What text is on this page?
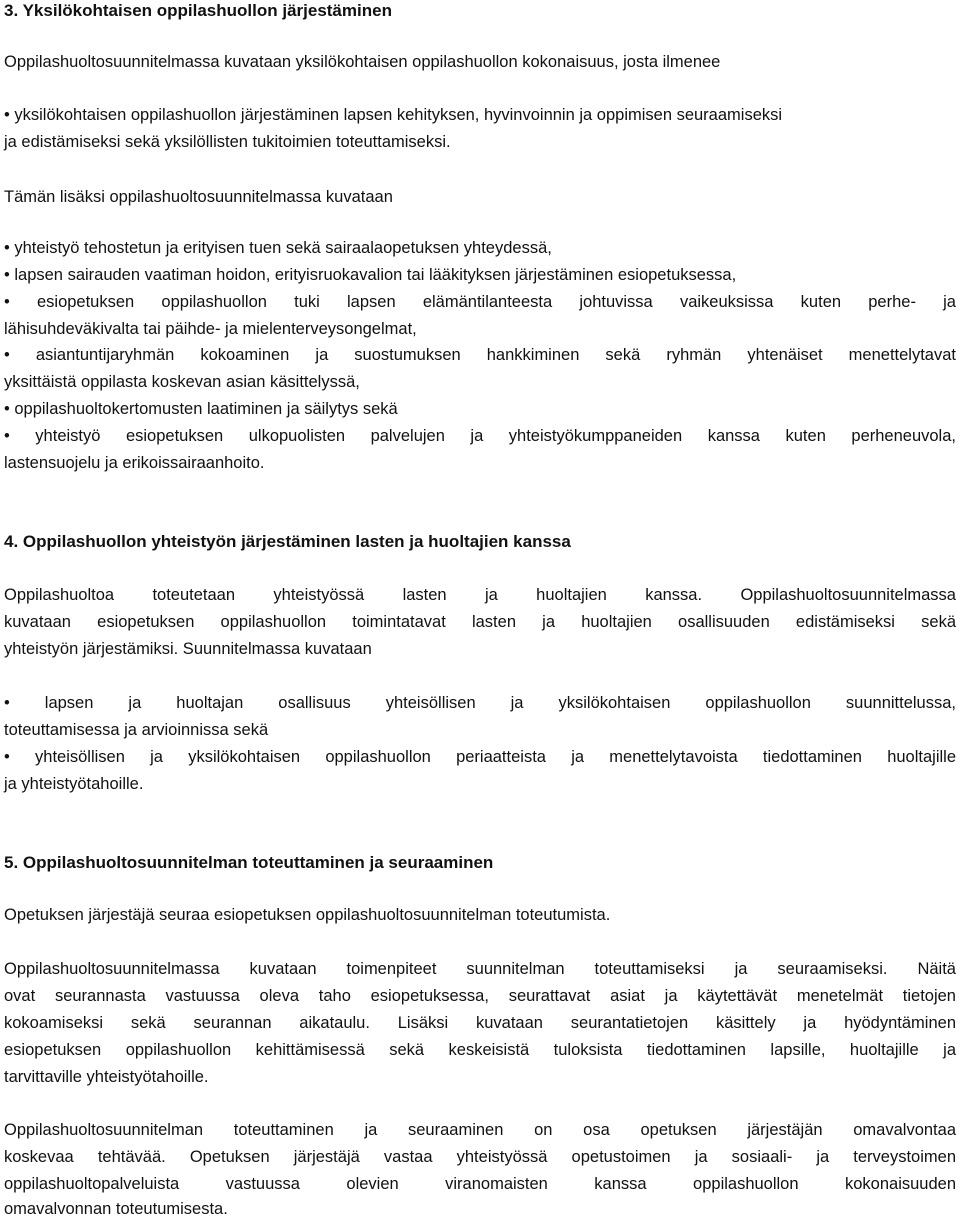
3. Yksilökohtaisen oppilashuollon järjestäminen
Oppilashuoltosuunnitelmassa kuvataan yksilökohtaisen oppilashuollon kokonaisuus, josta ilmenee
• yksilökohtaisen oppilashuollon järjestäminen lapsen kehityksen, hyvinvoinnin ja oppimisen seuraamiseksi
ja edistämiseksi sekä yksilöllisten tukitoimien toteuttamiseksi.
Tämän lisäksi oppilashuoltosuunnitelmassa kuvataan
• yhteistyö tehostetun ja erityisen tuen sekä sairaalaopetuksen yhteydessä,
• lapsen sairauden vaatiman hoidon, erityisruokavalion tai lääkityksen järjestäminen esiopetuksessa,
• esiopetuksen oppilashuollon tuki lapsen elämäntilanteesta johtuvissa vaikeuksissa kuten perhe- ja
lähisuhdeväkivalta tai päihde- ja mielenterveysongelmat,
• asiantuntijaryhmän kokoaminen ja suostumuksen hankkiminen sekä ryhmän yhtenäiset menettelytavat
yksittäistä oppilasta koskevan asian käsittelyssä,
• oppilashuoltokertomusten laatiminen ja säilytys sekä
• yhteistyö esiopetuksen ulkopuolisten palvelujen ja yhteistyökumppaneiden kanssa kuten perheneuvola,
lastensuojelu ja erikoissairaanhoito.
4. Oppilashuollon yhteistyön järjestäminen lasten ja huoltajien kanssa
Oppilashuoltoa toteutetaan yhteistyössä lasten ja huoltajien kanssa. Oppilashuoltosuunnitelmassa
kuvataan esiopetuksen oppilashuollon toimintatavat lasten ja huoltajien osallisuuden edistämiseksi sekä
yhteistyön järjestämiksi. Suunnitelmassa kuvataan
• lapsen ja huoltajan osallisuus yhteisöllisen ja yksilökohtaisen oppilashuollon suunnittelussa,
toteuttamisessa ja arvioinnissa sekä
• yhteisöllisen ja yksilökohtaisen oppilashuollon periaatteista ja menettelytavoista tiedottaminen huoltajille
ja yhteistyötahoille.
5. Oppilashuoltosuunnitelman toteuttaminen ja seuraaminen
Opetuksen järjestäjä seuraa esiopetuksen oppilashuoltosuunnitelman toteutumista.
Oppilashuoltosuunnitelmassa kuvataan toimenpiteet suunnitelman toteuttamiseksi ja seuraamiseksi. Näitä
ovat seurannasta vastuussa oleva taho esiopetuksessa, seurattavat asiat ja käytettävät menetelmät tietojen
kokoamiseksi sekä seurannan aikataulu. Lisäksi kuvataan seurantatietojen käsittely ja hyödyntäminen
esiopetuksen oppilashuollon kehittämisessä sekä keskeisistä tuloksista tiedottaminen lapsille, huoltajille ja
tarvittaville yhteistyötahoille.
Oppilashuoltosuunnitelman toteuttaminen ja seuraaminen on osa opetuksen järjestäjän omavalvontaa
koskevaa tehtävää. Opetuksen järjestäjä vastaa yhteistyössä opetustoimen ja sosiaali- ja terveystoimen
oppilashuoltopalveluista vastuussa olevien viranomaisten kanssa oppilashuollon kokonaisuuden
omavalvonnan toteutumisesta.
